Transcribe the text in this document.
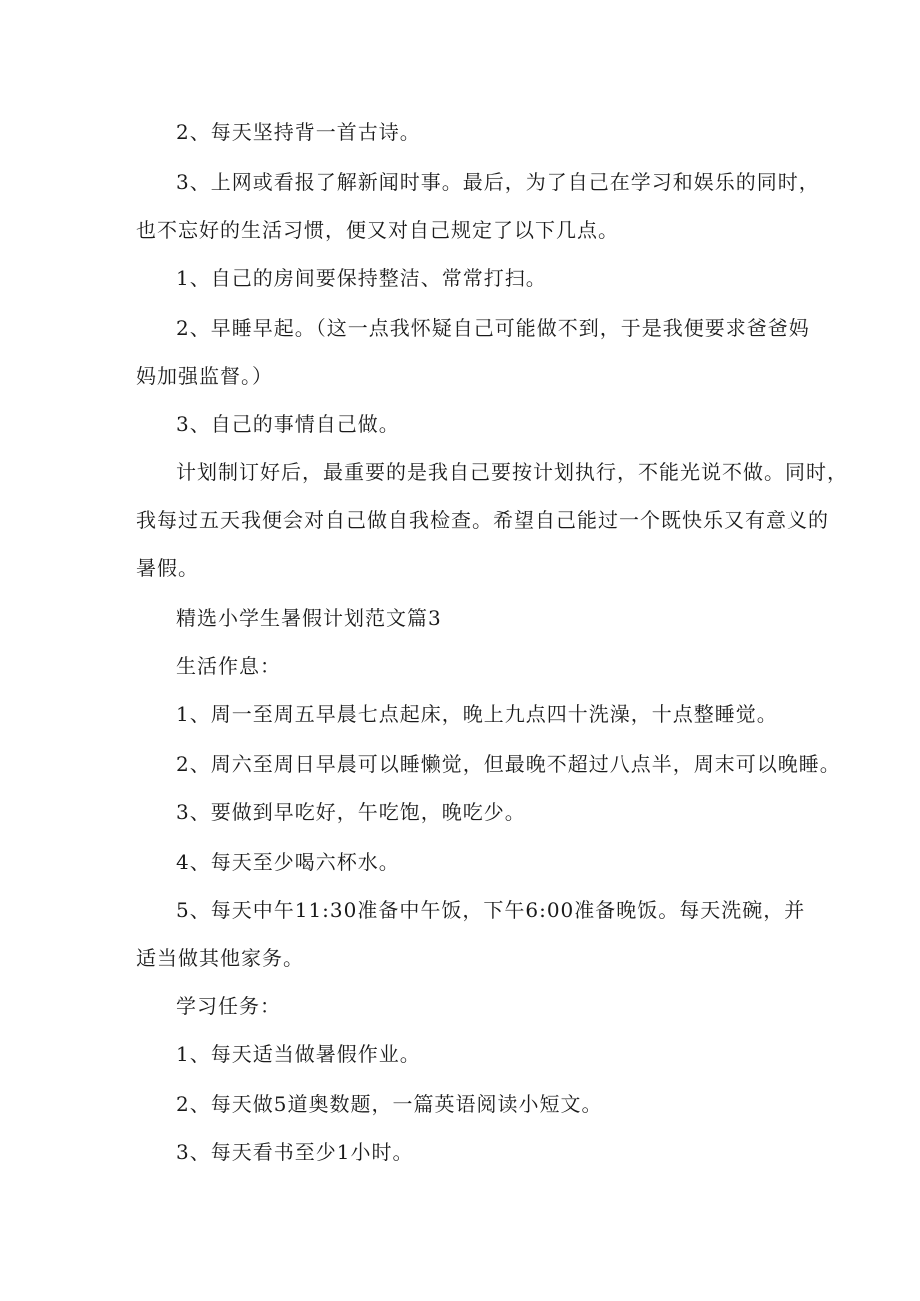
2、每天坚持背一首古诗。
3、上网或看报了解新闻时事。最后，为了自己在学习和娱乐的同时，
也不忘好的生活习惯，便又对自己规定了以下几点。
1、自己的房间要保持整洁、常常打扫。
2、早睡早起。（这一点我怀疑自己可能做不到，于是我便要求爸爸妈
妈加强监督。）
3、自己的事情自己做。
计划制订好后，最重要的是我自己要按计划执行，不能光说不做。同时，
我每过五天我便会对自己做自我检查。希望自己能过一个既快乐又有意义的
暑假。
精选小学生暑假计划范文篇3
生活作息：
1、周一至周五早晨七点起床，晚上九点四十洗澡，十点整睡觉。
2、周六至周日早晨可以睡懒觉，但最晚不超过八点半，周末可以晚睡。
3、要做到早吃好，午吃饱，晚吃少。
4、每天至少喝六杯水。
5、每天中午11:30准备中午饭，下午6:00准备晚饭。每天洗碗，并
适当做其他家务。
学习任务：
1、每天适当做暑假作业。
2、每天做5道奥数题，一篇英语阅读小短文。
3、每天看书至少1小时。
